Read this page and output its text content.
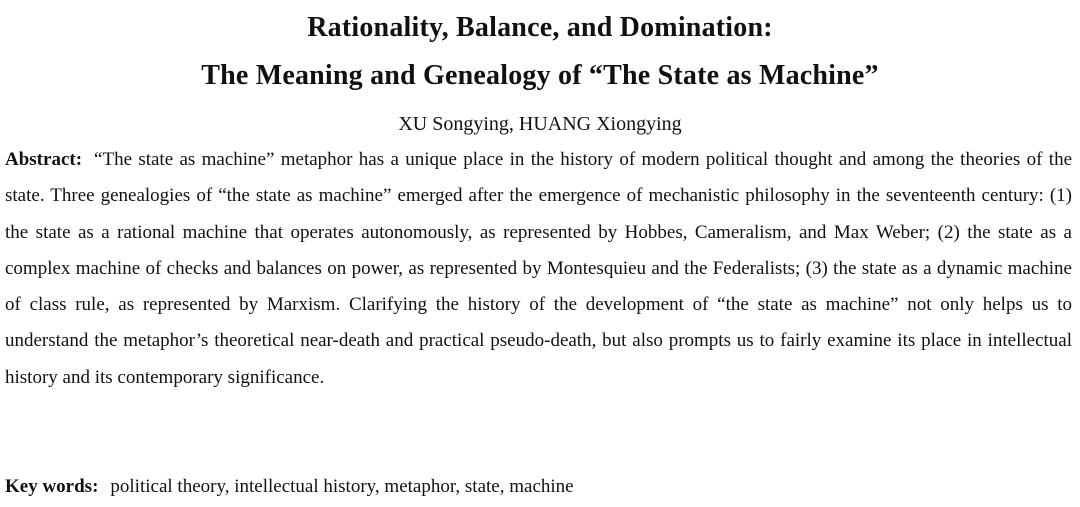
Rationality, Balance, and Domination:
The Meaning and Genealogy of “The State as Machine”
XU Songying, HUANG Xiongying
Abstract: “The state as machine” metaphor has a unique place in the history of modern political thought and among the theories of the state. Three genealogies of “the state as machine” emerged after the emergence of mechanistic philosophy in the seventeenth century: (1) the state as a rational machine that operates autonomously, as represented by Hobbes, Cameralism, and Max Weber; (2) the state as a complex machine of checks and balances on power, as represented by Montesquieu and the Federalists; (3) the state as a dynamic machine of class rule, as represented by Marxism. Clarifying the history of the development of “the state as machine” not only helps us to understand the metaphor’s theoretical near-death and practical pseudo-death, but also prompts us to fairly examine its place in intellectual history and its contemporary significance.
Key words: political theory, intellectual history, metaphor, state, machine
